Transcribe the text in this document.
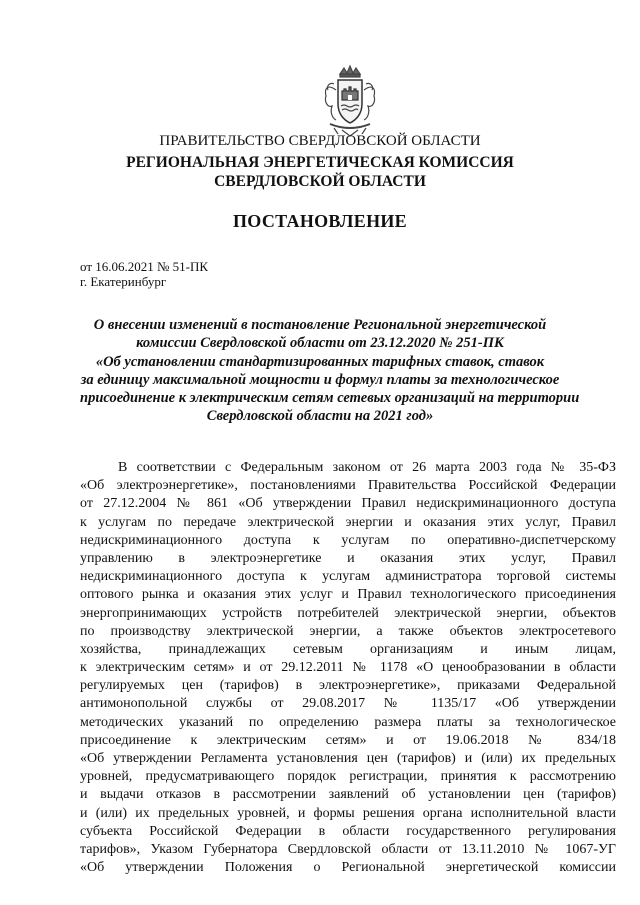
ПРАВИТЕЛЬСТВО СВЕРДЛОВСКОЙ ОБЛАСТИ
РЕГИОНАЛЬНАЯ ЭНЕРГЕТИЧЕСКАЯ КОМИССИЯ
СВЕРДЛОВСКОЙ ОБЛАСТИ
ПОСТАНОВЛЕНИЕ
от 16.06.2021 № 51-ПК
г. Екатеринбург
О внесении изменений в постановление Региональной энергетической
комиссии Свердловской области от 23.12.2020 № 251-ПК
«Об установлении стандартизированных тарифных ставок, ставок
за единицу максимальной мощности и формул платы за технологическое
присоединение к электрическим сетям сетевых организаций на территории
Свердловской области на 2021 год»
В соответствии с Федеральным законом от 26 марта 2003 года № 35-ФЗ
«Об электроэнергетике», постановлениями Правительства Российской Федерации
от 27.12.2004 № 861 «Об утверждении Правил недискриминационного доступа
к услугам по передаче электрической энергии и оказания этих услуг, Правил
недискриминационного доступа к услугам по оперативно-диспетчерскому
управлению в электроэнергетике и оказания этих услуг, Правил
недискриминационного доступа к услугам администратора торговой системы
оптового рынка и оказания этих услуг и Правил технологического присоединения
энергопринимающих устройств потребителей электрической энергии, объектов
по производству электрической энергии, а также объектов электросетевого
хозяйства, принадлежащих сетевым организациям и иным лицам,
к электрическим сетям» и от 29.12.2011 № 1178 «О ценообразовании в области
регулируемых цен (тарифов) в электроэнергетике», приказами Федеральной
антимонопольной службы от 29.08.2017 № 1135/17 «Об утверждении
методических указаний по определению размера платы за технологическое
присоединение к электрическим сетям» и от 19.06.2018 № 834/18
«Об утверждении Регламента установления цен (тарифов) и (или) их предельных
уровней, предусматривающего порядок регистрации, принятия к рассмотрению
и выдачи отказов в рассмотрении заявлений об установлении цен (тарифов)
и (или) их предельных уровней, и формы решения органа исполнительной власти
субъекта Российской Федерации в области государственного регулирования
тарифов», Указом Губернатора Свердловской области от 13.11.2010 № 1067-УГ
«Об утверждении Положения о Региональной энергетической комиссии
